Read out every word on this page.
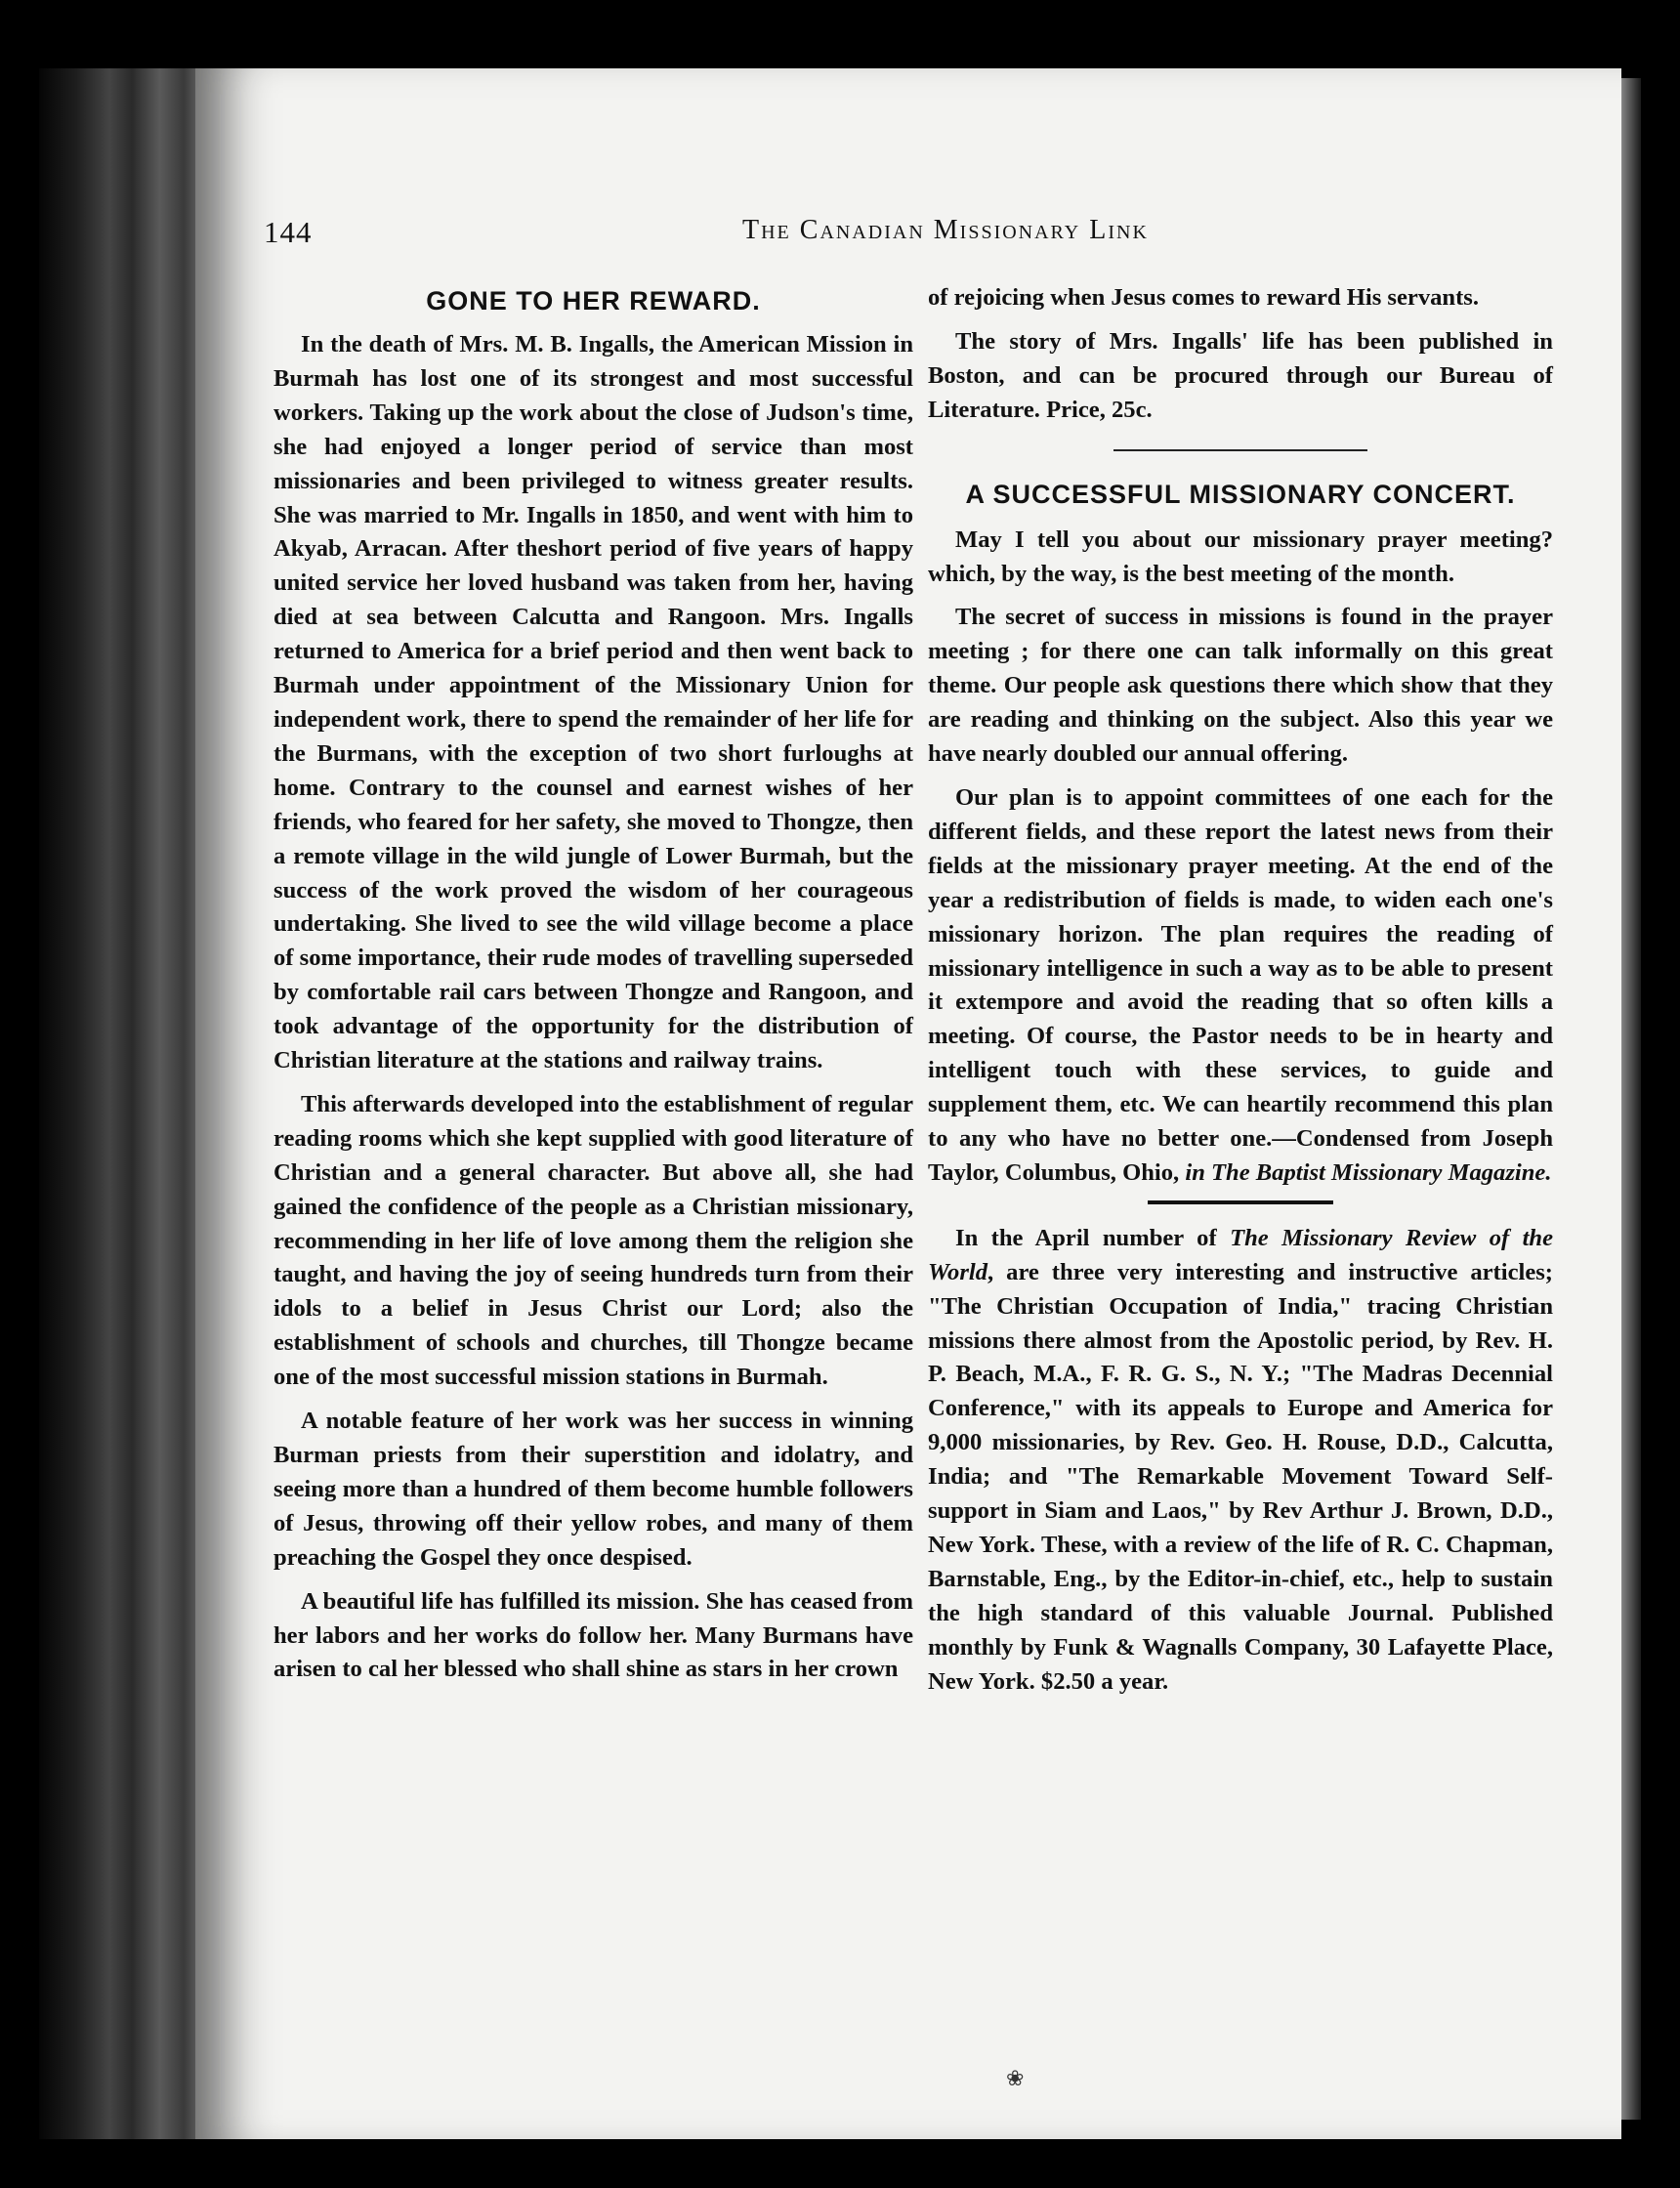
144	The Canadian Missionary Link
GONE TO HER REWARD.

In the death of Mrs. M. B. Ingalls, the American Mission in Burmah has lost one of its strongest and most successful workers. Taking up the work about the close of Judson's time, she had enjoyed a longer period of service than most missionaries and been privileged to witness greater results. She was married to Mr. Ingalls in 1850, and went with him to Akyab, Arracan. After theshort period of five years of happy united service her loved husband was taken from her, having died at sea between Calcutta and Rangoon. Mrs. Ingalls returned to America for a brief period and then went back to Burmah under appointment of the Missionary Union for independent work, there to spend the remainder of her life for the Burmans, with the exception of two short furloughs at home. Contrary to the counsel and earnest wishes of her friends, who feared for her safety, she moved to Thongze, then a remote village in the wild jungle of Lower Burmah, but the success of the work proved the wisdom of her courageous undertaking. She lived to see the wild village become a place of some importance, their rude modes of travelling superseded by comfortable rail cars between Thongze and Rangoon, and took advantage of the opportunity for the distribution of Christian literature at the stations and railway trains.

This afterwards developed into the establishment of regular reading rooms which she kept supplied with good literature of Christian and a general character. But above all, she had gained the confidence of the people as a Christian missionary, recommending in her life of love among them the religion she taught, and having the joy of seeing hundreds turn from their idols to a belief in Jesus Christ our Lord; also the establishment of schools and churches, till Thongze became one of the most successful mission stations in Burmah.

A notable feature of her work was her success in winning Burman priests from their superstition and idolatry, and seeing more than a hundred of them become humble followers of Jesus, throwing off their yellow robes, and many of them preaching the Gospel they once despised.

A beautiful life has fulfilled its mission. She has ceased from her labors and her works do follow her. Many Burmans have arisen to cal her blessed who shall shine as stars in her crown

of rejoicing when Jesus comes to reward His servants.

The story of Mrs. Ingalls' life has been published in Boston, and can be procured through our Bureau of Literature. Price, 25c.

A SUCCESSFUL MISSIONARY CONCERT.

May I tell you about our missionary prayer meeting? which, by the way, is the best meeting of the month.

The secret of success in missions is found in the prayer meeting ; for there one can talk informally on this great theme. Our people ask questions there which show that they are reading and thinking on the subject. Also this year we have nearly doubled our annual offering.

Our plan is to appoint committees of one each for the different fields, and these report the latest news from their fields at the missionary prayer meeting. At the end of the year a redistribution of fields is made, to widen each one's missionary horizon. The plan requires the reading of missionary intelligence in such a way as to be able to present it extempore and avoid the reading that so often kills a meeting. Of course, the Pastor needs to be in hearty and intelligent touch with these services, to guide and supplement them, etc. We can heartily recommend this plan to any who have no better one.—Condensed from Joseph Taylor, Columbus, Ohio, in The Baptist Missionary Magazine.

In the April number of The Missionary Review of the World, are three very interesting and instructive articles; "The Christian Occupation of India," tracing Christian missions there almost from the Apostolic period, by Rev. H. P. Beach, M.A., F. R. G. S., N. Y.; "The Madras Decennial Conference," with its appeals to Europe and America for 9,000 missionaries, by Rev. Geo. H. Rouse, D.D., Calcutta, India; and "The Remarkable Movement Toward Self-support in Siam and Laos," by Rev Arthur J. Brown, D.D., New York. These, with a review of the life of R. C. Chapman, Barnstable, Eng., by the Editor-in-chief, etc., help to sustain the high standard of this valuable Journal. Published monthly by Funk & Wagnalls Company, 30 Lafayette Place, New York. $2.50 a year.

❀
